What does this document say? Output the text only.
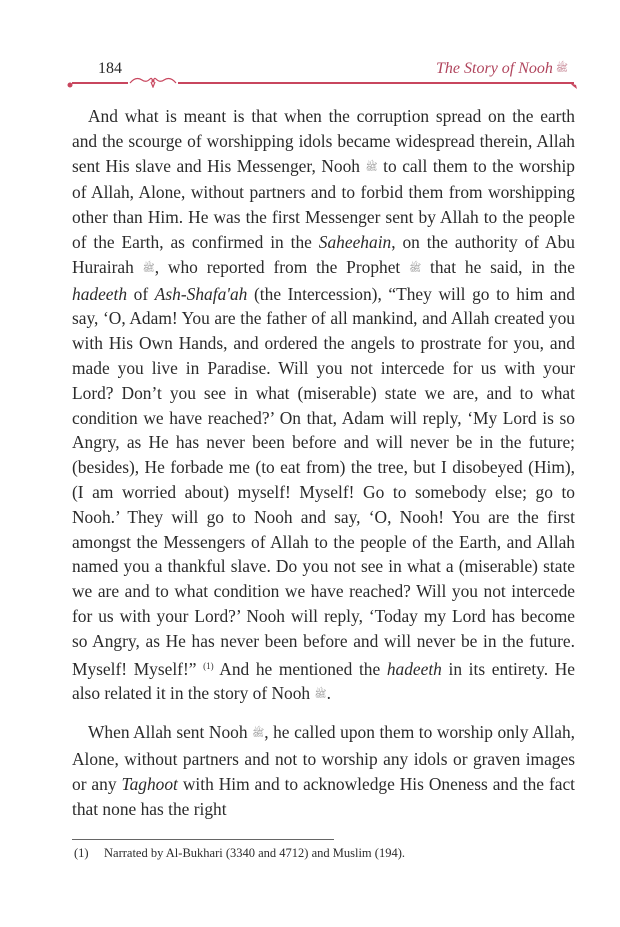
184	The Story of Nooh ﷺ

And what is meant is that when the corruption spread on the earth and the scourge of worshipping idols became widespread therein, Allah sent His slave and His Messenger, Nooh ﷺ to call them to the worship of Allah, Alone, without partners and to forbid them from worshipping other than Him. He was the first Messenger sent by Allah to the people of the Earth, as confirmed in the Saheehain, on the authority of Abu Hurairah ﷺ, who reported from the Prophet ﷺ that he said, in the hadeeth of Ash-Shafa'ah (the Intercession), “They will go to him and say, ‘O, Adam! You are the father of all mankind, and Allah created you with His Own Hands, and ordered the angels to prostrate for you, and made you live in Paradise. Will you not intercede for us with your Lord? Don’t you see in what (miserable) state we are, and to what condition we have reached?’ On that, Adam will reply, ‘My Lord is so Angry, as He has never been before and will never be in the future; (besides), He forbade me (to eat from) the tree, but I disobeyed (Him), (I am worried about) myself! Myself! Go to somebody else; go to Nooh.’ They will go to Nooh and say, ‘O, Nooh! You are the first amongst the Messengers of Allah to the people of the Earth, and Allah named you a thankful slave. Do you not see in what a (miserable) state we are and to what condition we have reached? Will you not intercede for us with your Lord?’ Nooh will reply, ‘Today my Lord has become so Angry, as He has never been before and will never be in the future. Myself! Myself!” $^{(1)}$ And he mentioned the hadeeth in its entirety. He also related it in the story of Nooh ﷺ.

When Allah sent Nooh ﷺ, he called upon them to worship only Allah, Alone, without partners and not to worship any idols or graven images or any Taghoot with Him and to acknowledge His Oneness and the fact that none has the right

(1) Narrated by Al-Bukhari (3340 and 4712) and Muslim (194).
